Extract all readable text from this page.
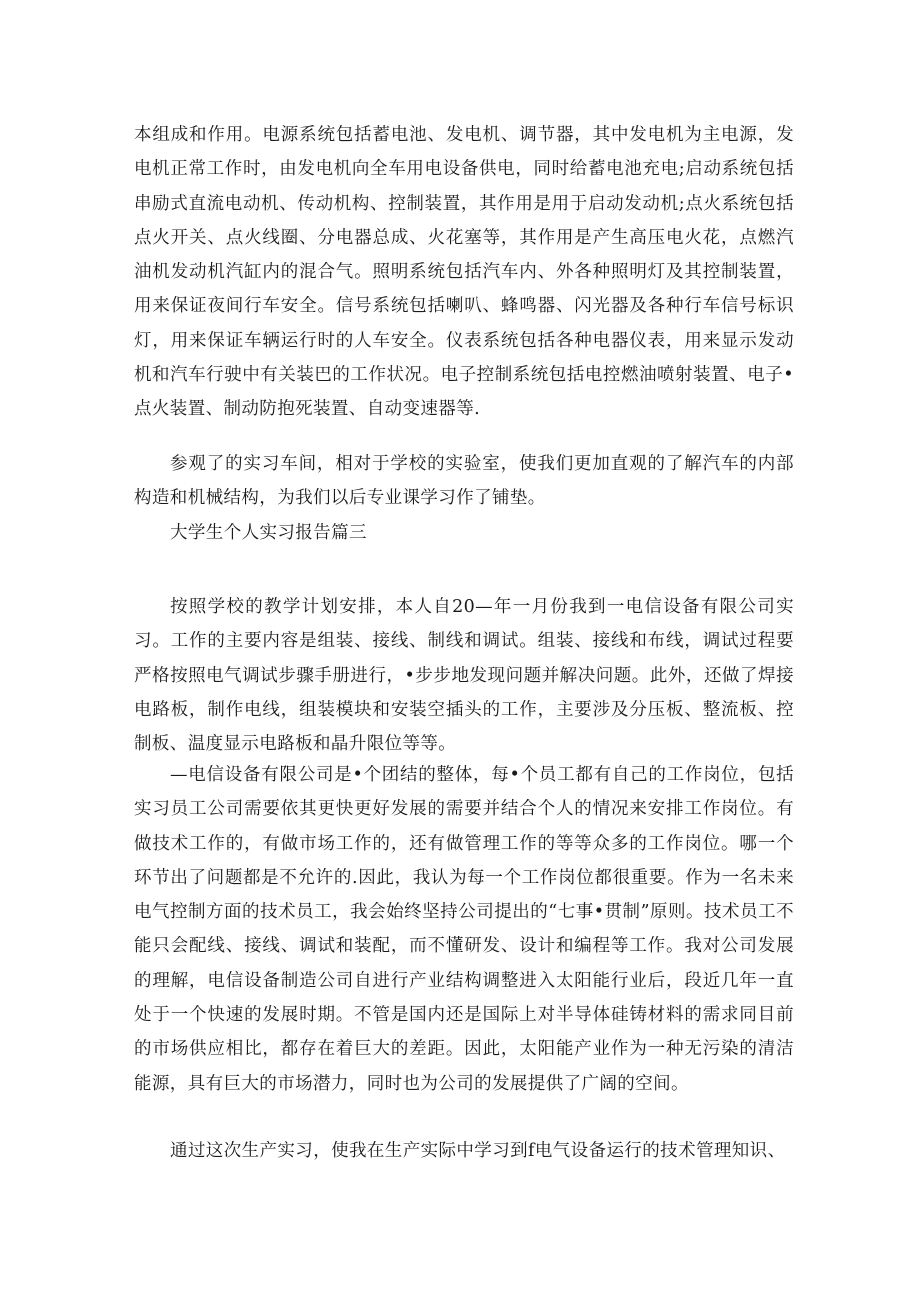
本组成和作用。电源系统包括蓄电池、发电机、调节器，其中发电机为主电源，发电机正常工作时，由发电机向全车用电设备供电，同时给蓄电池充电;启动系统包括串励式直流电动机、传动机构、控制装置，其作用是用于启动发动机;点火系统包括点火开关、点火线圈、分电器总成、火花塞等，其作用是产生高压电火花，点燃汽油机发动机汽缸内的混合气。照明系统包括汽车内、外各种照明灯及其控制装置，用来保证夜间行车安全。信号系统包括喇叭、蜂鸣器、闪光器及各种行车信号标识灯，用来保证车辆运行时的人车安全。仪表系统包括各种电器仪表，用来显示发动机和汽车行驶中有关装巴的工作状况。电子控制系统包括电控燃油喷射装置、电子•点火装置、制动防抱死装置、自动变速器等.

参观了的实习车间，相对于学校的实验室，使我们更加直观的了解汽车的内部构造和机械结构，为我们以后专业课学习作了铺垫。

大学生个人实习报告篇三

按照学校的教学计划安排，本人自20—年一月份我到一电信设备有限公司实习。工作的主要内容是组装、接线、制线和调试。组装、接线和布线，调试过程要严格按照电气调试步骤手册进行，•步步地发现问题并解决问题。此外，还做了焊接电路板，制作电线，组装模块和安装空插头的工作，主要涉及分压板、整流板、控制板、温度显示电路板和晶升限位等等。

—电信设备有限公司是•个团结的整体，每•个员工都有自己的工作岗位，包括实习员工公司需要依其更快更好发展的需要并结合个人的情况来安排工作岗位。有做技术工作的，有做市场工作的，还有做管理工作的等等众多的工作岗位。哪一个环节出了问题都是不允许的.因此，我认为每一个工作岗位都很重要。作为一名未来电气控制方面的技术员工，我会始终坚持公司提出的“七事•贯制”原则。技术员工不能只会配线、接线、调试和装配，而不懂研发、设计和编程等工作。我对公司发展的理解，电信设备制造公司自进行产业结构调整进入太阳能行业后，段近几年一直处于一个快速的发展时期。不管是国内还是国际上对半导体硅铸材料的需求同目前的市场供应相比，都存在着巨大的差距。因此，太阳能产业作为一种无污染的清洁能源，具有巨大的市场潜力，同时也为公司的发展提供了广阔的空间。

通过这次生产实习，使我在生产实际中学习到f电气设备运行的技术管理知识、
